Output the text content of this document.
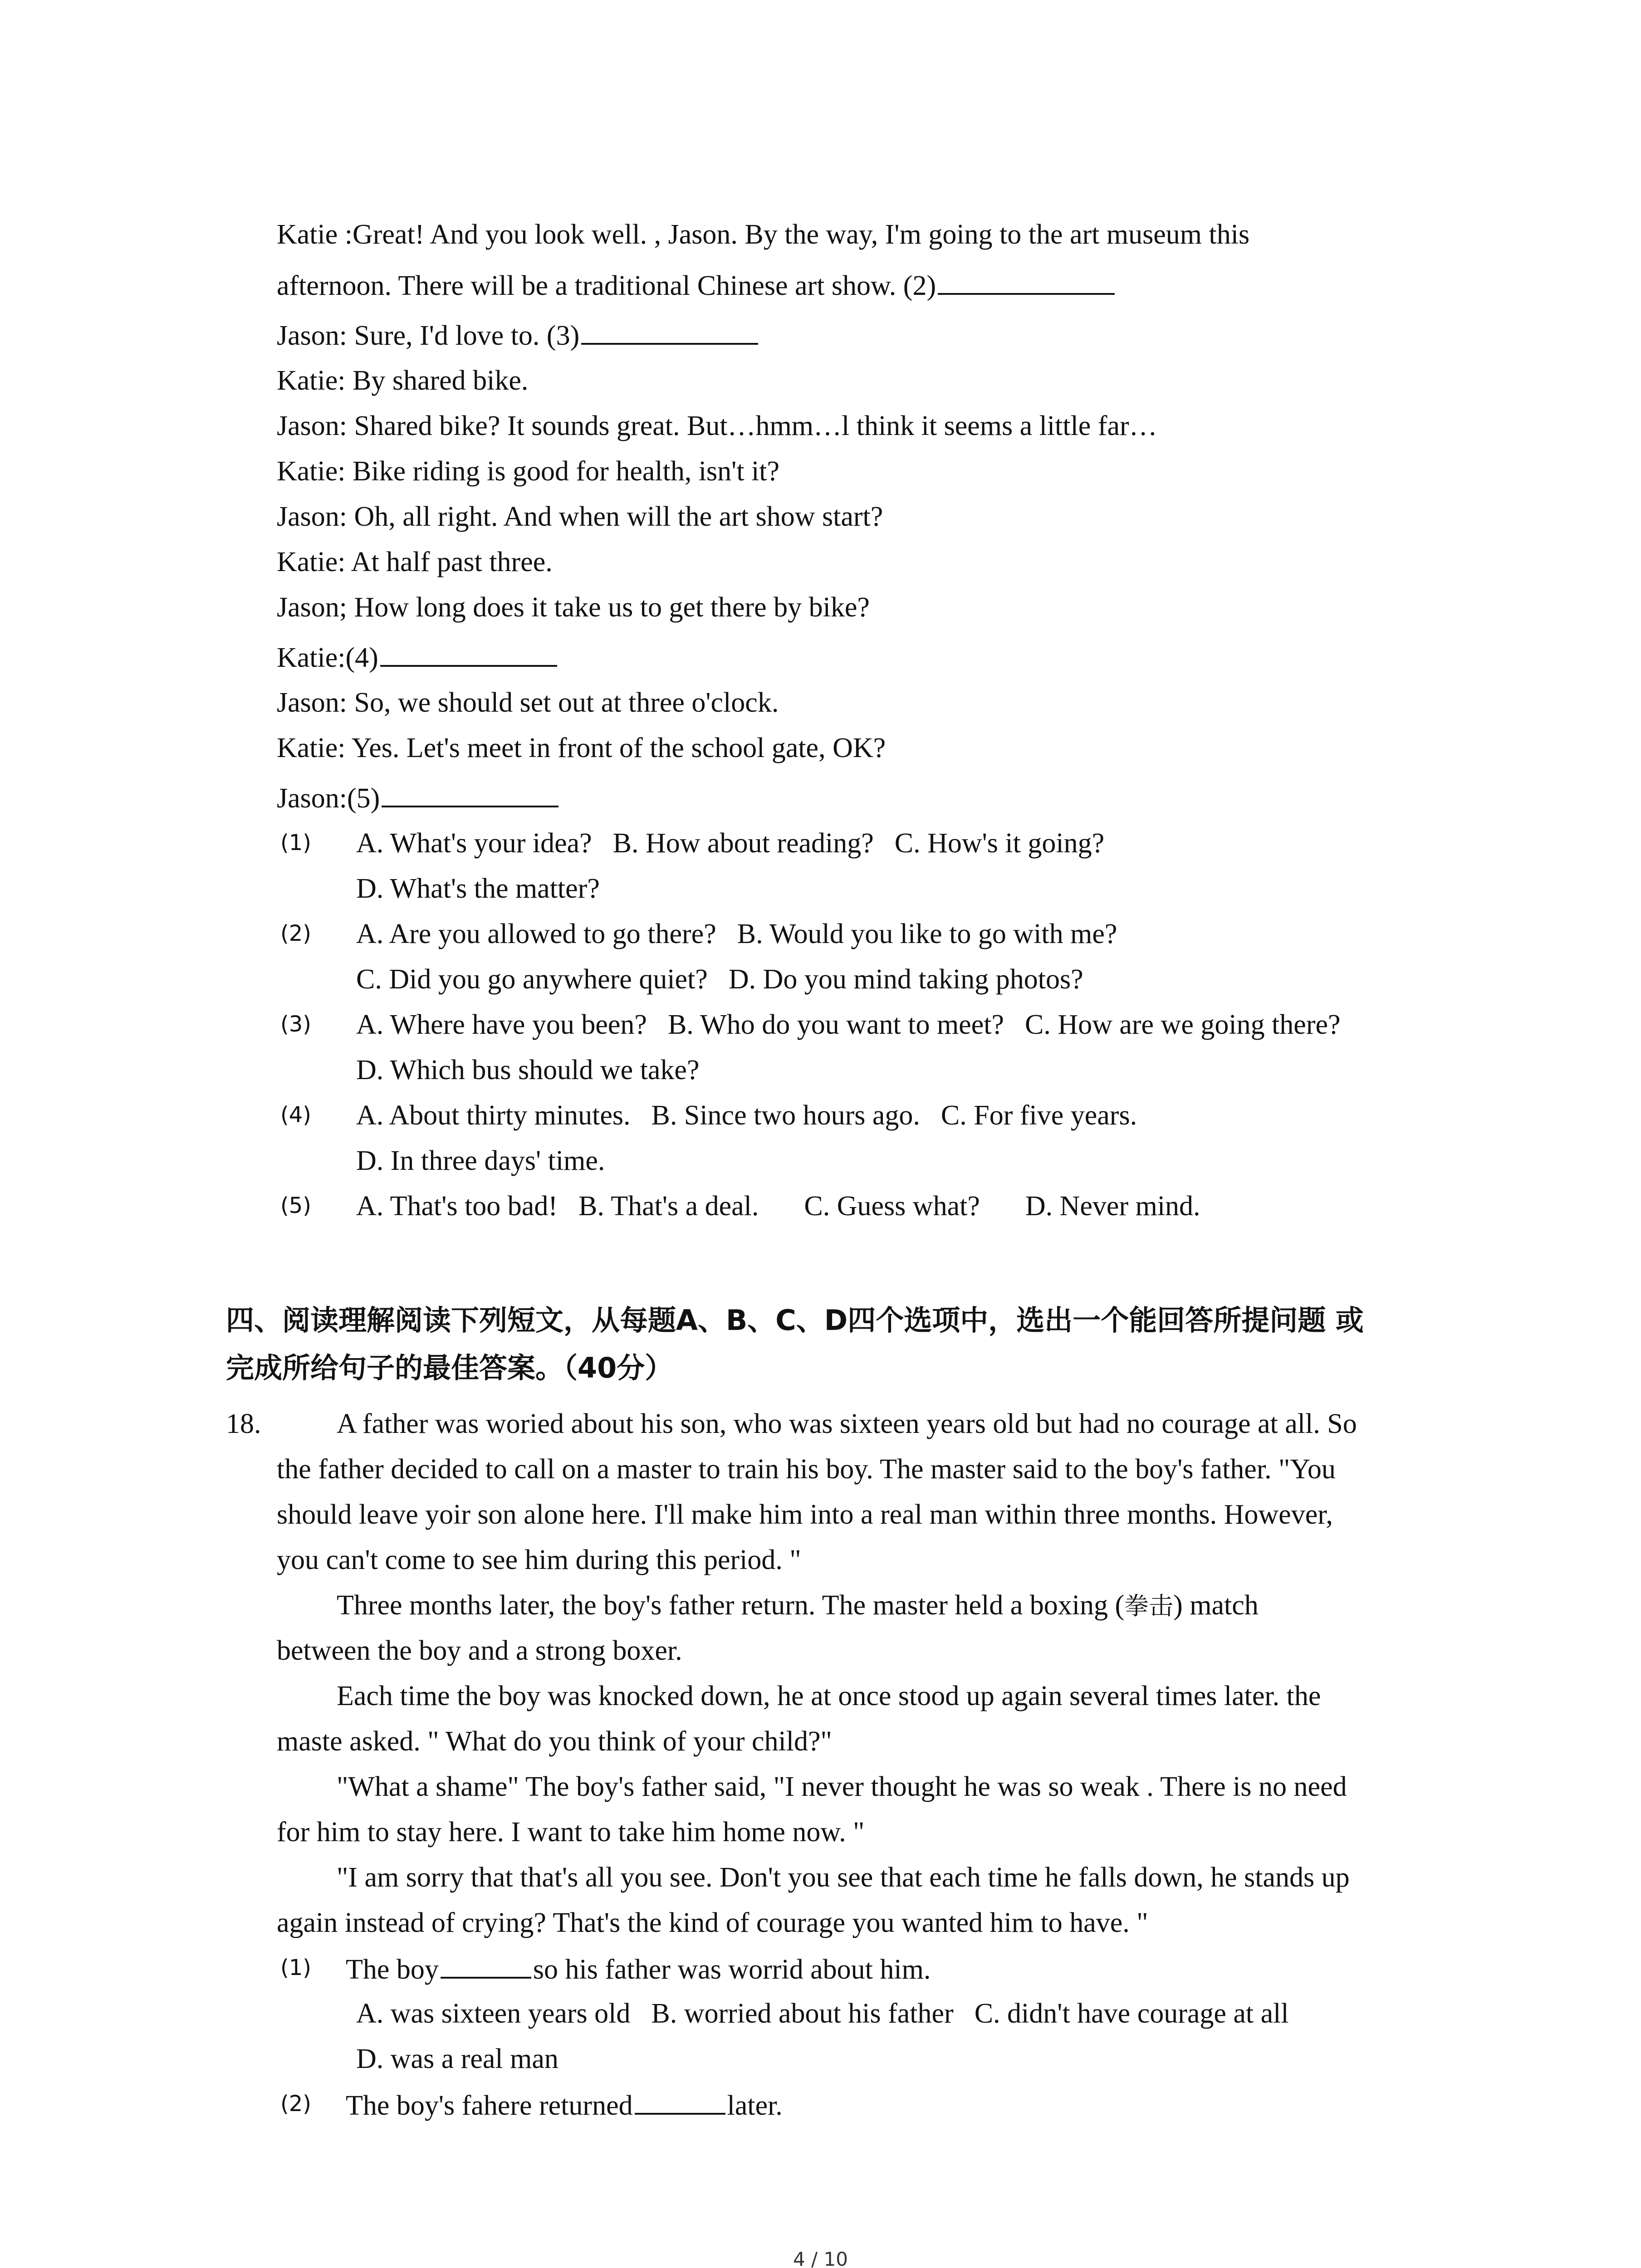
Katie :Great! And you look well. , Jason. By the way, I'm going to the art museum this
afternoon. There will be a traditional Chinese art show. (2)
Jason: Sure, I'd love to. (3)
Katie: By shared bike.
Jason: Shared bike? It sounds great. But…hmm…l think it seems a little far…
Katie: Bike riding is good for health, isn't it?
Jason: Oh, all right. And when will the art show start?
Katie: At half past three.
Jason; How long does it take us to get there by bike?
Katie:(4)
Jason: So, we should set out at three o'clock.
Katie: Yes. Let's meet in front of the school gate, OK?
Jason:(5)
(1) A. What's your idea? B. How about reading? C. How's it going?
D. What's the matter?
(2) A. Are you allowed to go there? B. Would you like to go with me?
C. Did you go anywhere quiet? D. Do you mind taking photos?
(3) A. Where have you been? B. Who do you want to meet? C. How are we going there?
D. Which bus should we take?
(4) A. About thirty minutes. B. Since two hours ago. C. For five years.
D. In three days' time.
(5) A. That's too bad! B. That's a deal. C. Guess what? D. Never mind.
四、阅读理解阅读下列短文，从每题A、B、C、D四个选项中，选出一个能回答所提问题 或
完成所给句子的最佳答案。（40分）
18.	A father was woried about his son, who was sixteen years old but had no courage at all. So
the father decided to call on a master to train his boy. The master said to the boy's father. "You
should leave yoir son alone here. I'll make him into a real man within three months. However,
you can't come to see him during this period. "
Three months later, the boy's father return. The master held a boxing (拳击) match
between the boy and a strong boxer.
Each time the boy was knocked down, he at once stood up again several times later. the
maste asked. " What do you think of your child?"
"What a shame" The boy's father said, "I never thought he was so weak . There is no need
for him to stay here. I want to take him home now. "
"I am sorry that that's all you see. Don't you see that each time he falls down, he stands up
again instead of crying? That's the kind of courage you wanted him to have. "
(1) The boy	so his father was worrid about him.
A. was sixteen years old B. worried about his father C. didn't have courage at all
D. was a real man
(2) The boy's fahere returned	later.
4 / 10
